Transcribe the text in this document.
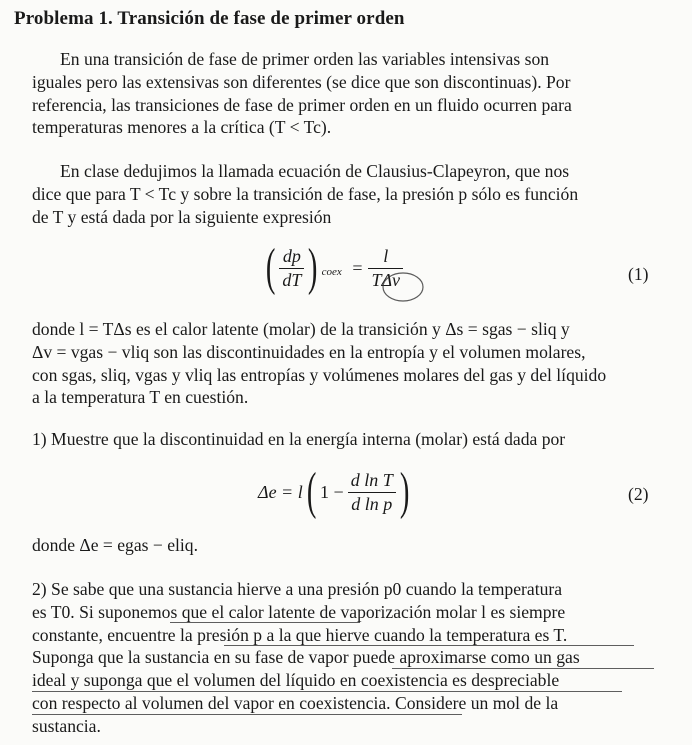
Problema 1. Transición de fase de primer orden
En una transición de fase de primer orden las variables intensivas son
iguales pero las extensivas son diferentes (se dice que son discontinuas). Por
referencia, las transiciones de fase de primer orden en un fluido ocurren para
temperaturas menores a la crítica (T < Tc).
En clase dedujimos la llamada ecuación de Clausius-Clapeyron, que nos
dice que para T < Tc y sobre la transición de fase, la presión p sólo es función
de T y está dada por la siguiente expresión
( $\frac{dp}{dT}$ ) $_{coex} = \frac{l}{\text{TΔv}}$	(1)
donde l = TΔs es el calor latente (molar) de la transición y Δs = sgas − sliq y
Δv = vgas − vliq son las discontinuidades en la entropía y el volumen molares,
con sgas, sliq, vgas y vliq las entropías y volúmenes molares del gas y del líquido
a la temperatura T en cuestión.
1) Muestre que la discontinuidad en la energía interna (molar) está dada por
Δe = l( $1 - \frac{\text{d ln T}}{\text{d ln p}}$ )	(2)
donde Δe = egas − eliq.
2) Se sabe que una sustancia hierve a una presión p0 cuando la temperatura
es T0. Si suponemos que el calor latente de vaporización molar l es siempre
constante, encuentre la presión p a la que hierve cuando la temperatura es T.
Suponga que la sustancia en su fase de vapor puede aproximarse como un gas
ideal y suponga que el volumen del líquido en coexistencia es despreciable
con respecto al volumen del vapor en coexistencia. Considere un mol de la
sustancia.
